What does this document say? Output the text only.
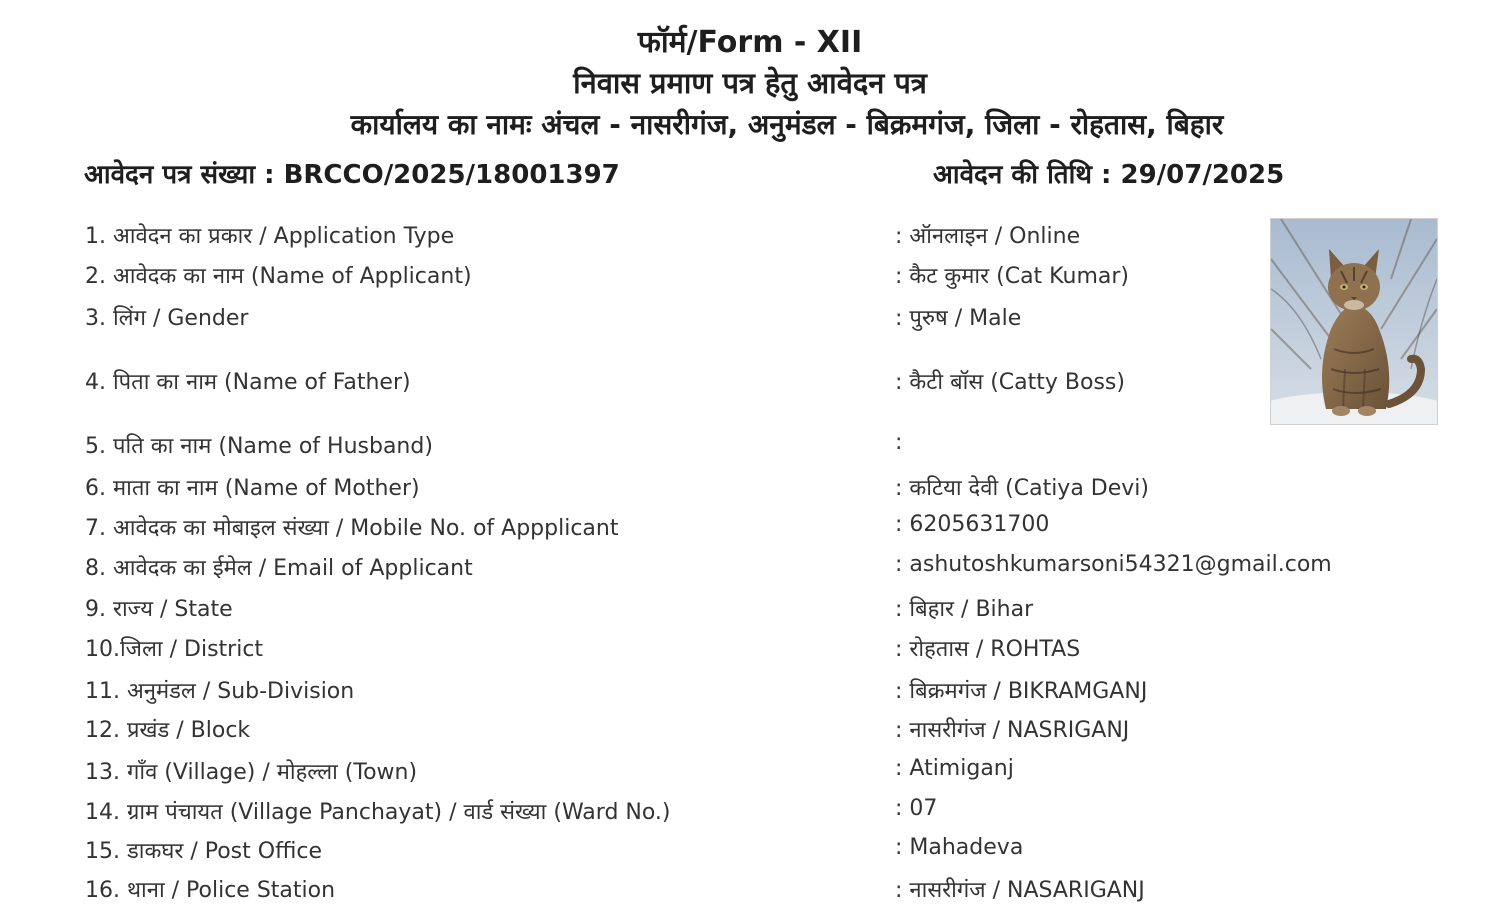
फॉर्म/Form - XII
निवास प्रमाण पत्र हेतु आवेदन पत्र
कार्यालय का नामः अंचल - नासरीगंज, अनुमंडल - बिक्रमगंज, जिला - रोहतास, बिहार
आवेदन पत्र संख्या : BRCCO/2025/18001397	आवेदन की तिथि : 29/07/2025
1. आवेदन का प्रकार / Application Type	: ऑनलाइन / Online
2. आवेदक का नाम (Name of Applicant)	: कैट कुमार (Cat Kumar)
3. लिंग / Gender	: पुरुष / Male
4. पिता का नाम (Name of Father)	: कैटी बॉस (Catty Boss)
5. पति का नाम (Name of Husband)	:
6. माता का नाम (Name of Mother)	: कटिया देवी (Catiya Devi)
7. आवेदक का मोबाइल संख्या / Mobile No. of Appplicant	: 6205631700
8. आवेदक का ईमेल / Email of Applicant	: ashutoshkumarsoni54321@gmail.com
9. राज्य / State	: बिहार / Bihar
10.जिला / District	: रोहतास / ROHTAS
11. अनुमंडल / Sub-Division	: बिक्रमगंज / BIKRAMGANJ
12. प्रखंड / Block	: नासरीगंज / NASRIGANJ
13. गाँव (Village) / मोहल्ला (Town)	: Atimiganj
14. ग्राम पंचायत (Village Panchayat) / वार्ड संख्या (Ward No.)	: 07
15. डाकघर / Post Office	: Mahadeva
16. थाना / Police Station	: नासरीगंज / NASARIGANJ
